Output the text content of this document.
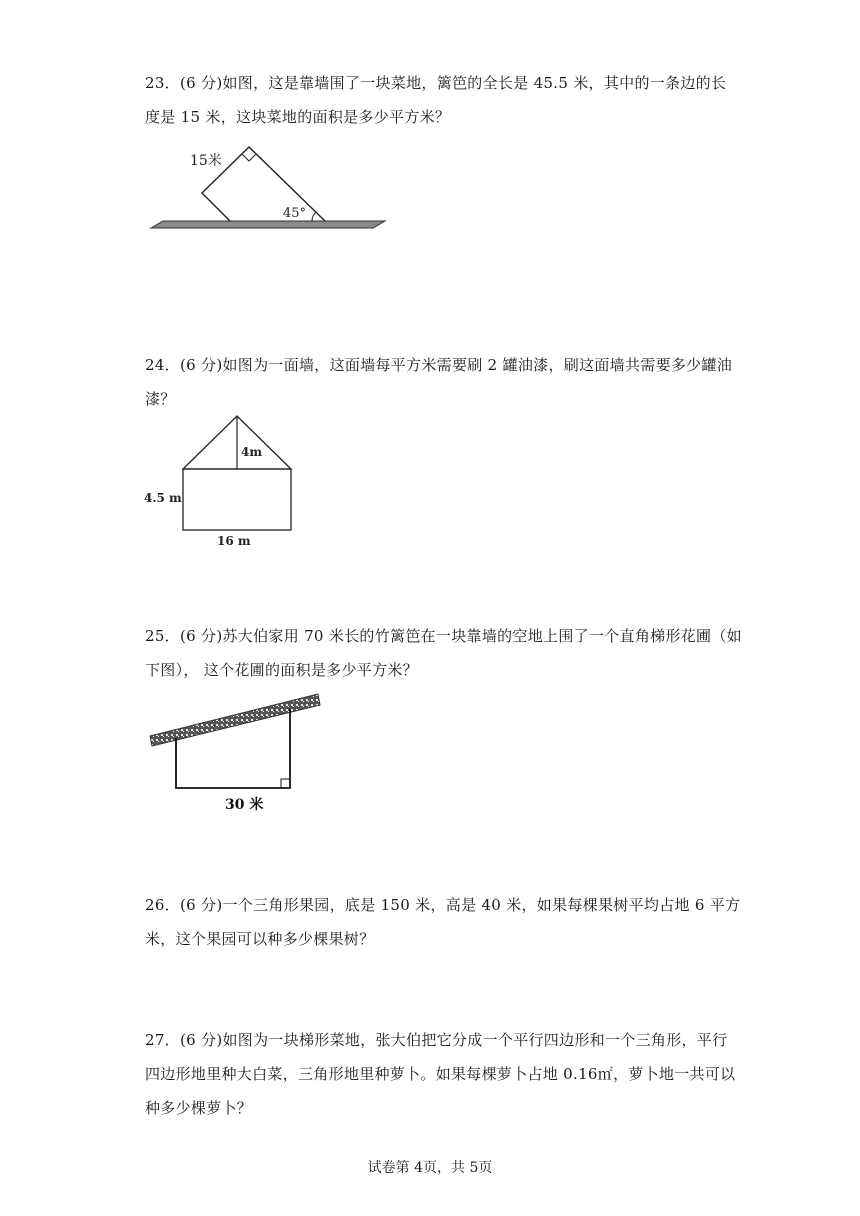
23．(6 分)如图，这是靠墙围了一块菜地，篱笆的全长是 45.5 米，其中的一条边的长
度是 15 米，这块菜地的面积是多少平方米？
15米
45°
24．(6 分)如图为一面墙，这面墙每平方米需要刷 2 罐油漆，刷这面墙共需要多少罐油
漆？
4m
4.5 m
16 m
25．(6 分)苏大伯家用 70 米长的竹篱笆在一块靠墙的空地上围了一个直角梯形花圃（如
下图）， 这个花圃的面积是多少平方米？
30 米
26．(6 分)一个三角形果园，底是 150 米，高是 40 米，如果每棵果树平均占地 6 平方
米，这个果园可以种多少棵果树？
27．(6 分)如图为一块梯形菜地，张大伯把它分成一个平行四边形和一个三角形，平行
四边形地里种大白菜，三角形地里种萝卜。如果每棵萝卜占地 0.16㎡，萝卜地一共可以
种多少棵萝卜？
试卷第 4页，共 5页
